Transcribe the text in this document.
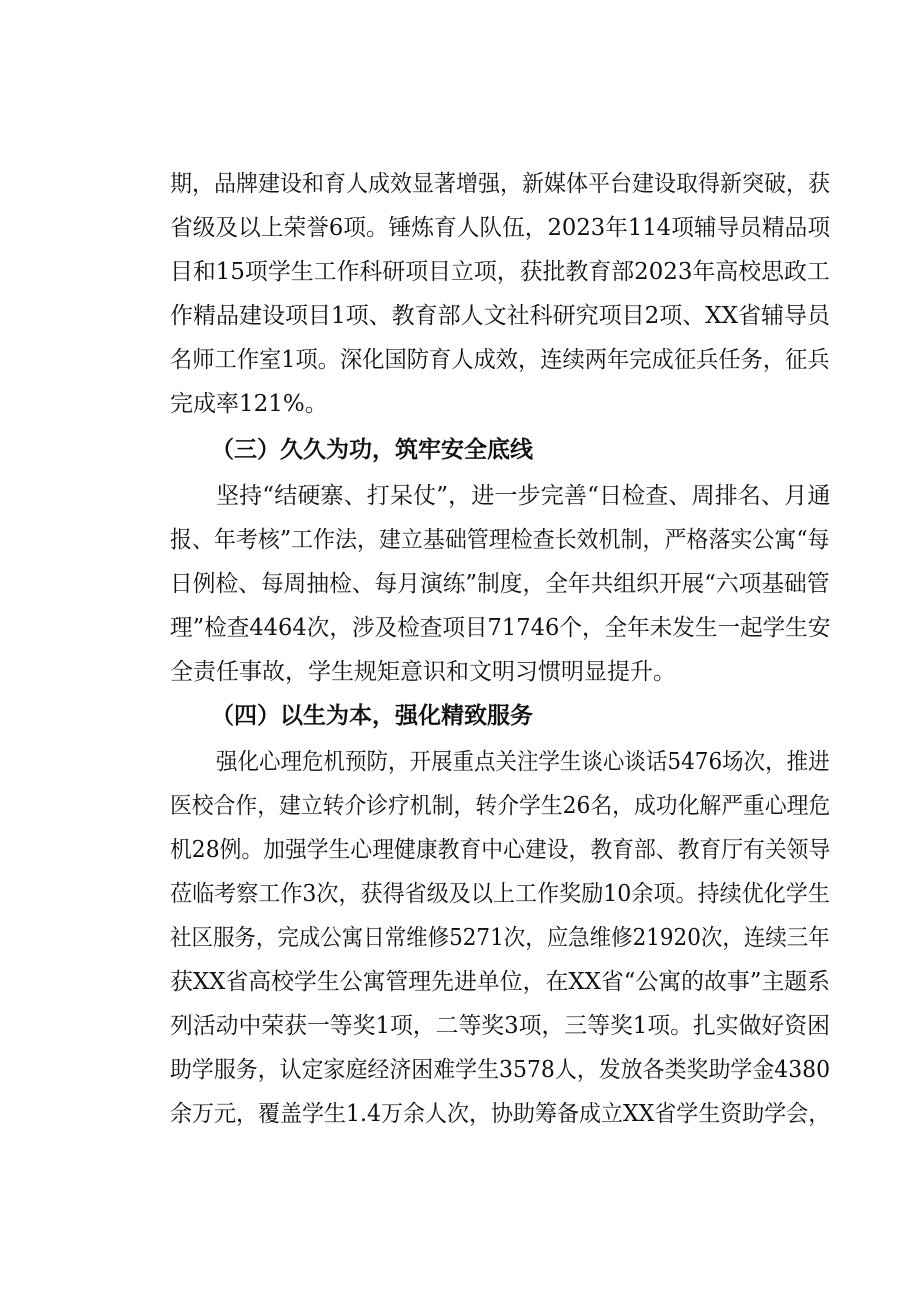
期，品牌建设和育人成效显著增强，新媒体平台建设取得新突破，获
省级及以上荣誉6项。锤炼育人队伍，2023年114项辅导员精品项
目和15项学生工作科研项目立项，获批教育部2023年高校思政工
作精品建设项目1项、教育部人文社科研究项目2项、XX省辅导员
名师工作室1项。深化国防育人成效，连续两年完成征兵任务，征兵
完成率121%。
（三）久久为功，筑牢安全底线
坚持“结硬寨、打呆仗”，进一步完善“日检查、周排名、月通
报、年考核”工作法，建立基础管理检查长效机制，严格落实公寓“每
日例检、每周抽检、每月演练”制度，全年共组织开展“六项基础管
理”检查4464次，涉及检查项目71746个，全年未发生一起学生安
全责任事故，学生规矩意识和文明习惯明显提升。
（四）以生为本，强化精致服务
强化心理危机预防，开展重点关注学生谈心谈话5476场次，推进
医校合作，建立转介诊疗机制，转介学生26名，成功化解严重心理危
机28例。加强学生心理健康教育中心建设，教育部、教育厅有关领导
莅临考察工作3次，获得省级及以上工作奖励10余项。持续优化学生
社区服务，完成公寓日常维修5271次，应急维修21920次，连续三年
获XX省高校学生公寓管理先进单位，在XX省“公寓的故事”主题系
列活动中荣获一等奖1项，二等奖3项，三等奖1项。扎实做好资困
助学服务，认定家庭经济困难学生3578人，发放各类奖助学金4380
余万元，覆盖学生1.4万余人次，协助筹备成立XX省学生资助学会，
